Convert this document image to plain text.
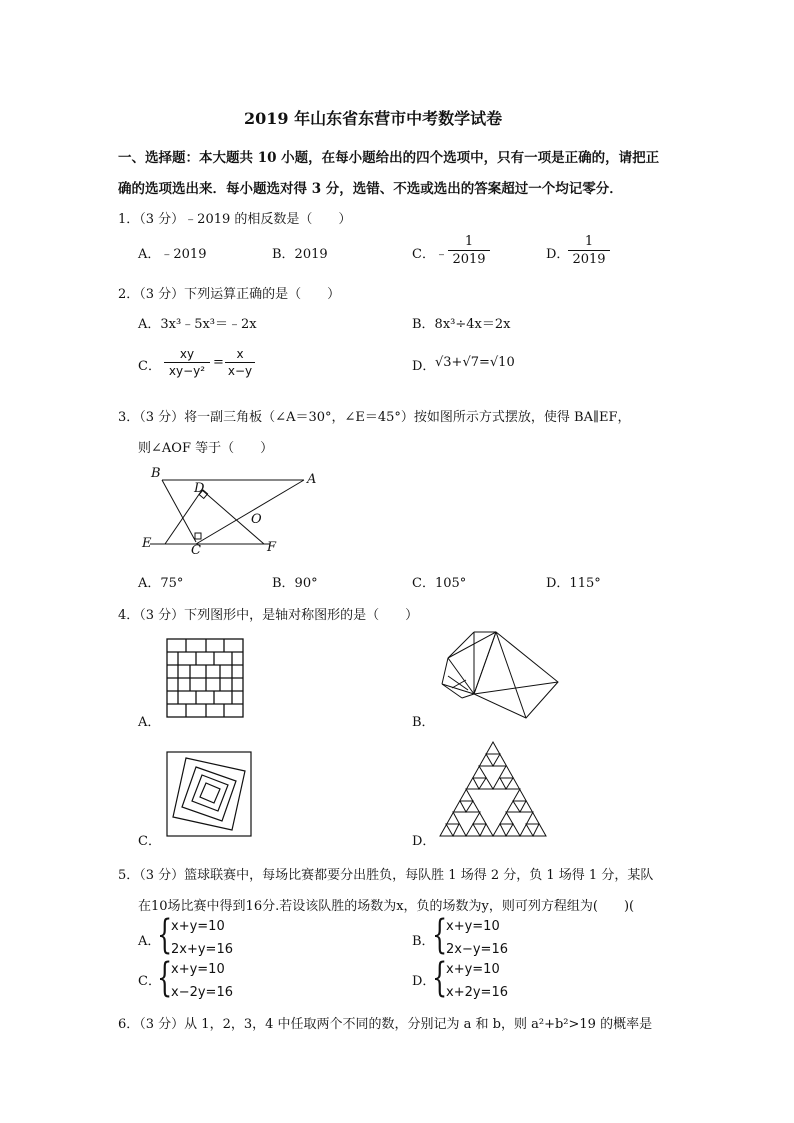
2019 年山东省东营市中考数学试卷
一、选择题：本大题共 10 小题，在每小题给出的四个选项中，只有一项是正确的，请把正
确的选项选出来．每小题选对得 3 分，选错、不选或选出的答案超过一个均记零分．
1．（3 分）﹣2019 的相反数是（　　）
A．﹣2019	B．2019	C．﹣ $\frac{1}{2019}$	D．
$\frac{1}{2019}$
2．（3 分）下列运算正确的是（　　）
A．3x³﹣5x³＝﹣2x	B．8x³÷4x＝2x
C． $\frac{xy}{\text{xy−y²}} = \frac{x}{x-y}$	D． √3+√7=√10
3．（3 分）将一副三角板（∠A＝30°，∠E＝45°）按如图所示方式摆放，使得 BA∥EF，
则∠AOF 等于（　　）
B	A
D
O
E	C	F
A．75°	B．90°	C．105°	D．115°
4．（3 分）下列图形中，是轴对称图形的是（　　）
A．	B．
C．	D．
5．（3 分）篮球联赛中，每场比赛都要分出胜负，每队胜 1 场得 2 分，负 1 场得 1 分，某队
在10场比赛中得到16分.若设该队胜的场数为x，负的场数为y，则可列方程组为(　　)(
A．
{
x+y=10
2x+y=16
B．
{
x+y=10
2x−y=16
C．
{
x+y=10
x−2y=16
D．
{
x+y=10
x+2y=16
6．（3 分）从 1，2，3，4 中任取两个不同的数，分别记为 a 和 b，则 a²+b²>19 的概率是
